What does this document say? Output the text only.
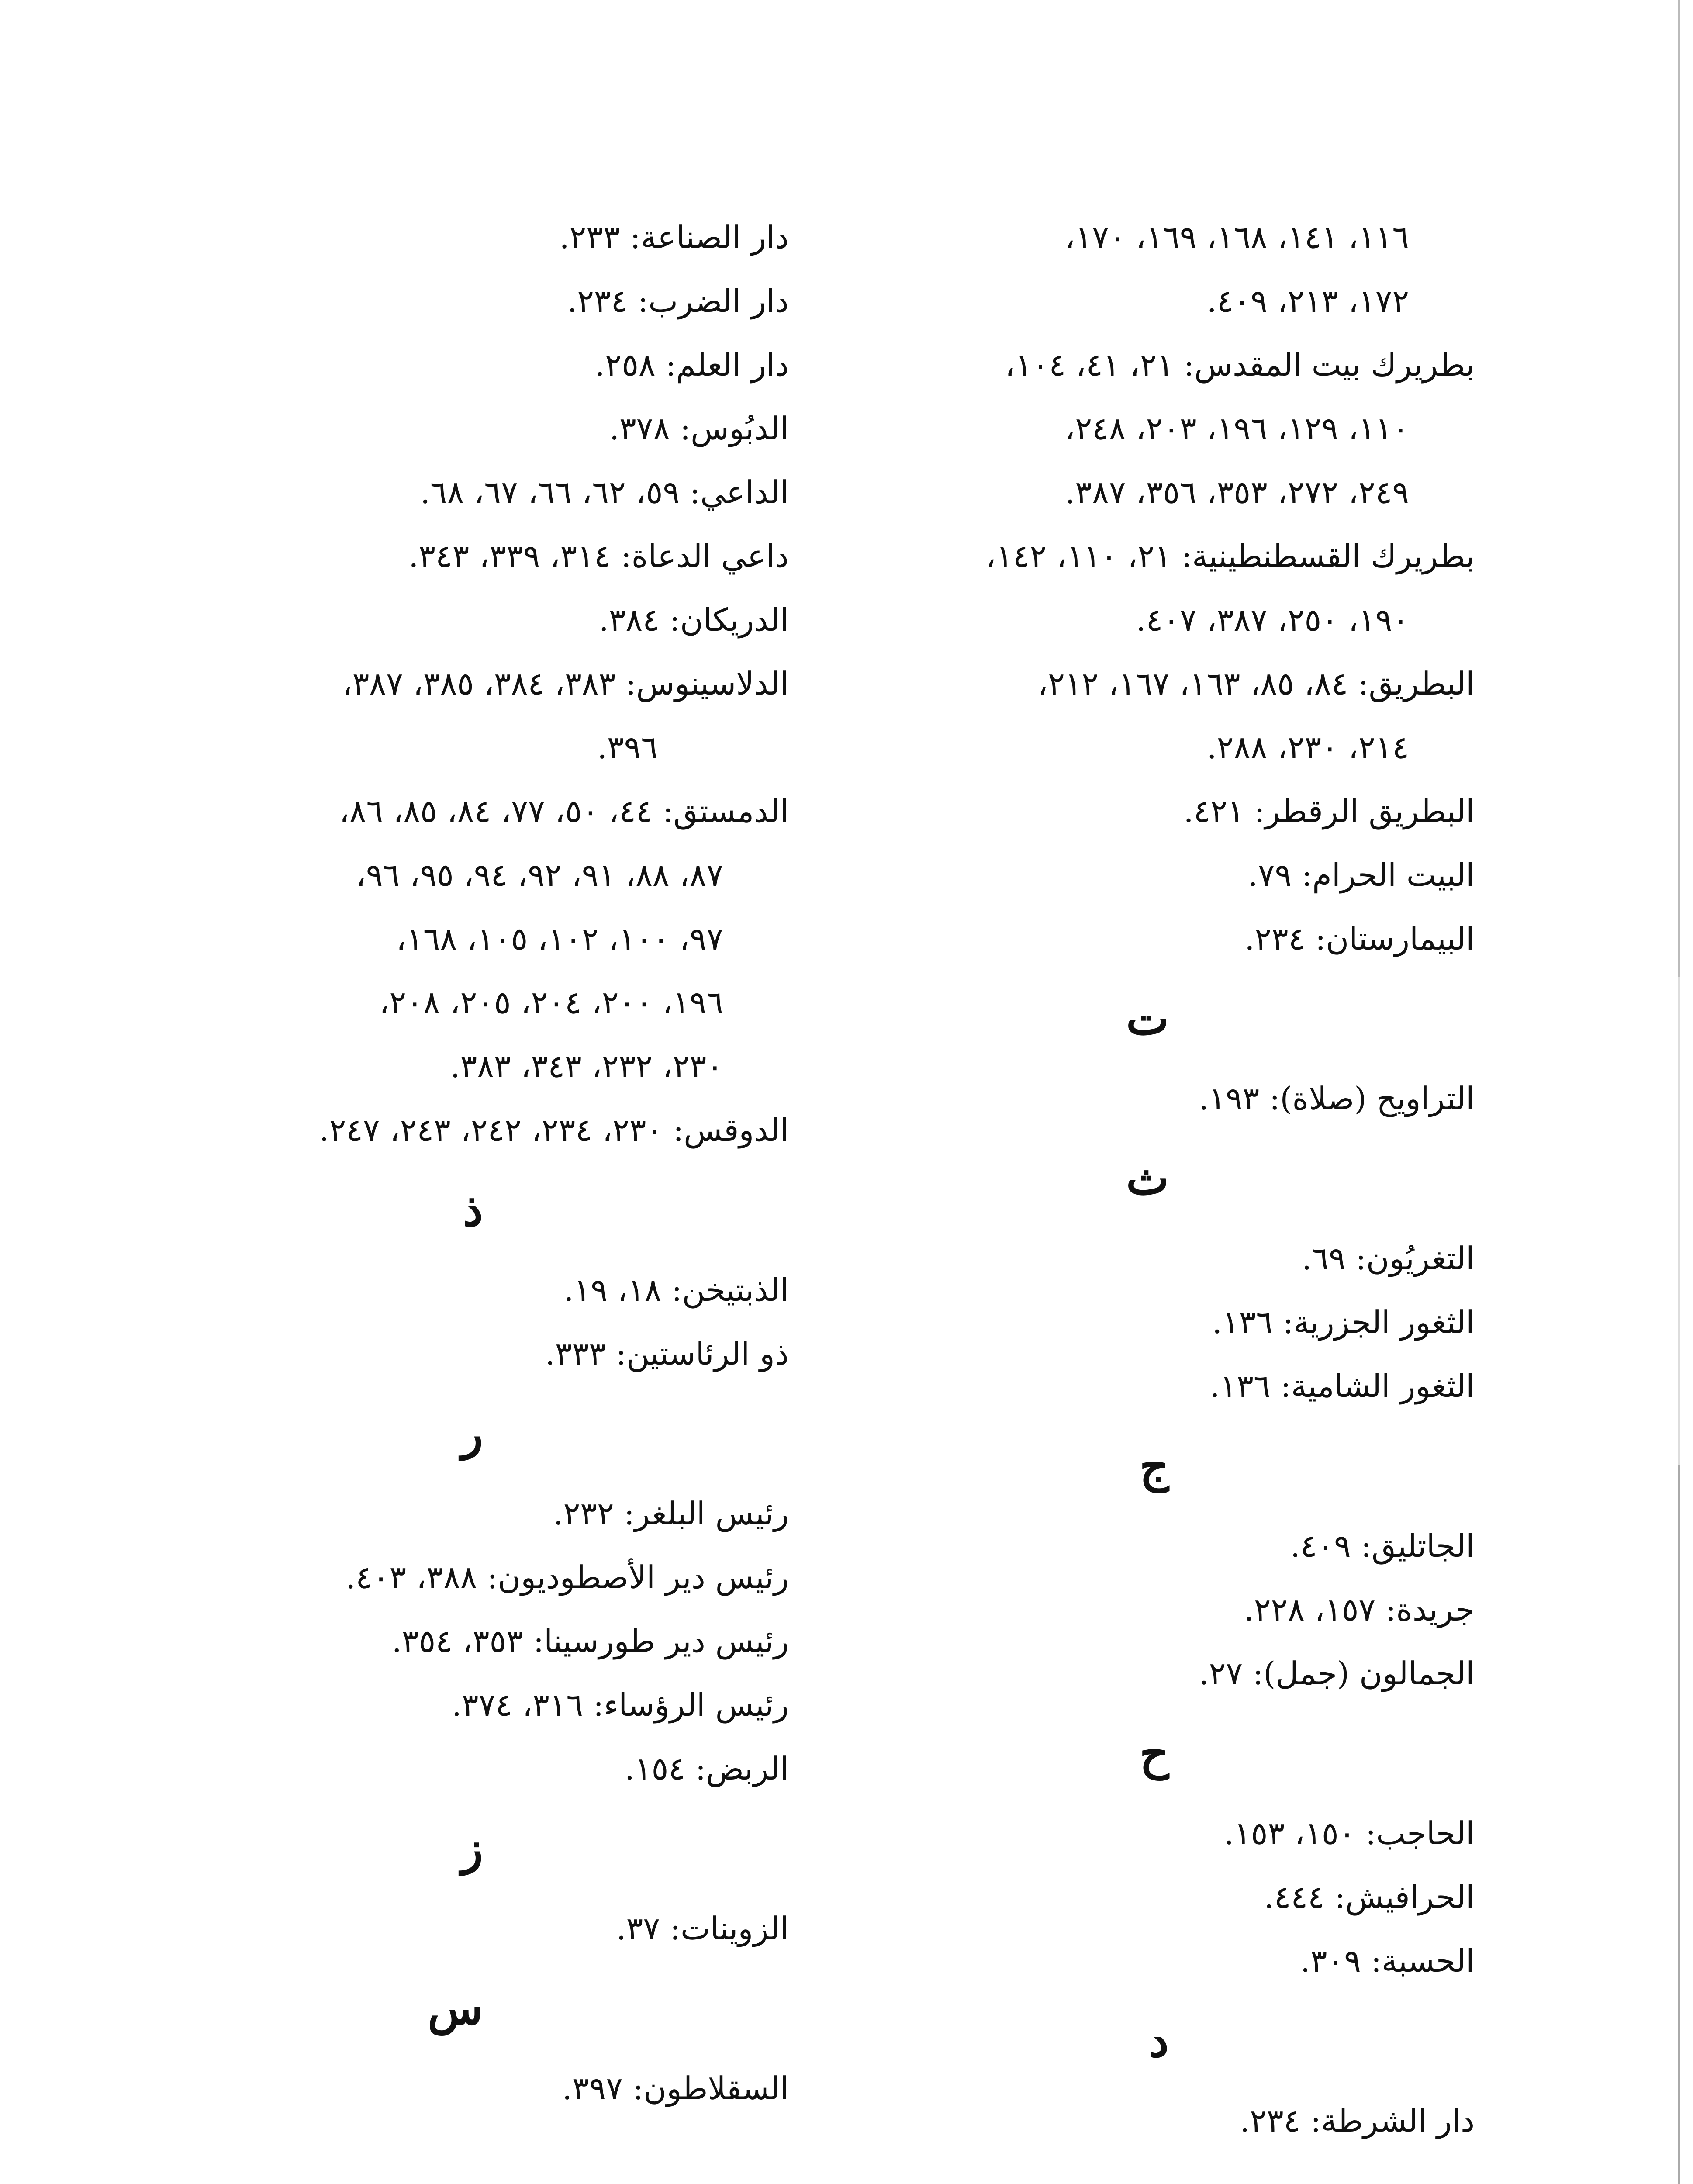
١١٦، ١٤١، ١٦٨، ١٦٩، ١٧٠،
١٧٢، ٢١٣، ٤٠٩.
بطريرك بيت المقدس: ٢١، ٤١، ١٠٤،
١١٠، ١٢٩، ١٩٦، ٢٠٣، ٢٤٨،
٢٤٩، ٢٧٢، ٣٥٣، ٣٥٦، ٣٨٧.
بطريرك القسطنطينية: ٢١، ١١٠، ١٤٢،
١٩٠، ٢٥٠، ٣٨٧، ٤٠٧.
البطريق: ٨٤، ٨٥، ١٦٣، ١٦٧، ٢١٢،
٢١٤، ٢٣٠، ٢٨٨.
البطريق الرقطر: ٤٢١.
البيت الحرام: ٧٩.
البيمارستان: ٢٣٤.
ت
التراويح (صلاة): ١٩٣.
ث
التغريُون: ٦٩.
الثغور الجزرية: ١٣٦.
الثغور الشامية: ١٣٦.
ج
الجاتليق: ٤٠٩.
جريدة: ١٥٧، ٢٢٨.
الجمالون (جمل): ٢٧.
ح
الحاجب: ١٥٠، ١٥٣.
الحرافيش: ٤٤٤.
الحسبة: ٣٠٩.
د
دار الشرطة: ٢٣٤.
دار الصناعة: ٢٣٣.
دار الضرب: ٢٣٤.
دار العلم: ٢٥٨.
الدبُوس: ٣٧٨.
الداعي: ٥٩، ٦٢، ٦٦، ٦٧، ٦٨.
داعي الدعاة: ٣١٤، ٣٣٩، ٣٤٣.
الدريكان: ٣٨٤.
الدلاسينوس: ٣٨٣، ٣٨٤، ٣٨٥، ٣٨٧،
٣٩٦.
الدمستق: ٤٤، ٥٠، ٧٧، ٨٤، ٨٥، ٨٦،
٨٧، ٨٨، ٩١، ٩٢، ٩٤، ٩٥، ٩٦،
٩٧، ١٠٠، ١٠٢، ١٠٥، ١٦٨،
١٩٦، ٢٠٠، ٢٠٤، ٢٠٥، ٢٠٨،
٢٣٠، ٢٣٢، ٣٤٣، ٣٨٣.
الدوقس: ٢٣٠، ٢٣٤، ٢٤٢، ٢٤٣، ٢٤٧.
ذ
الذبتيخن: ١٨، ١٩.
ذو الرئاستين: ٣٣٣.
ر
رئيس البلغر: ٢٣٢.
رئيس دير الأصطوديون: ٣٨٨، ٤٠٣.
رئيس دير طورسينا: ٣٥٣، ٣٥٤.
رئيس الرؤساء: ٣١٦، ٣٧٤.
الربض: ١٥٤.
ز
الزوينات: ٣٧.
س
السقلاطون: ٣٩٧.
